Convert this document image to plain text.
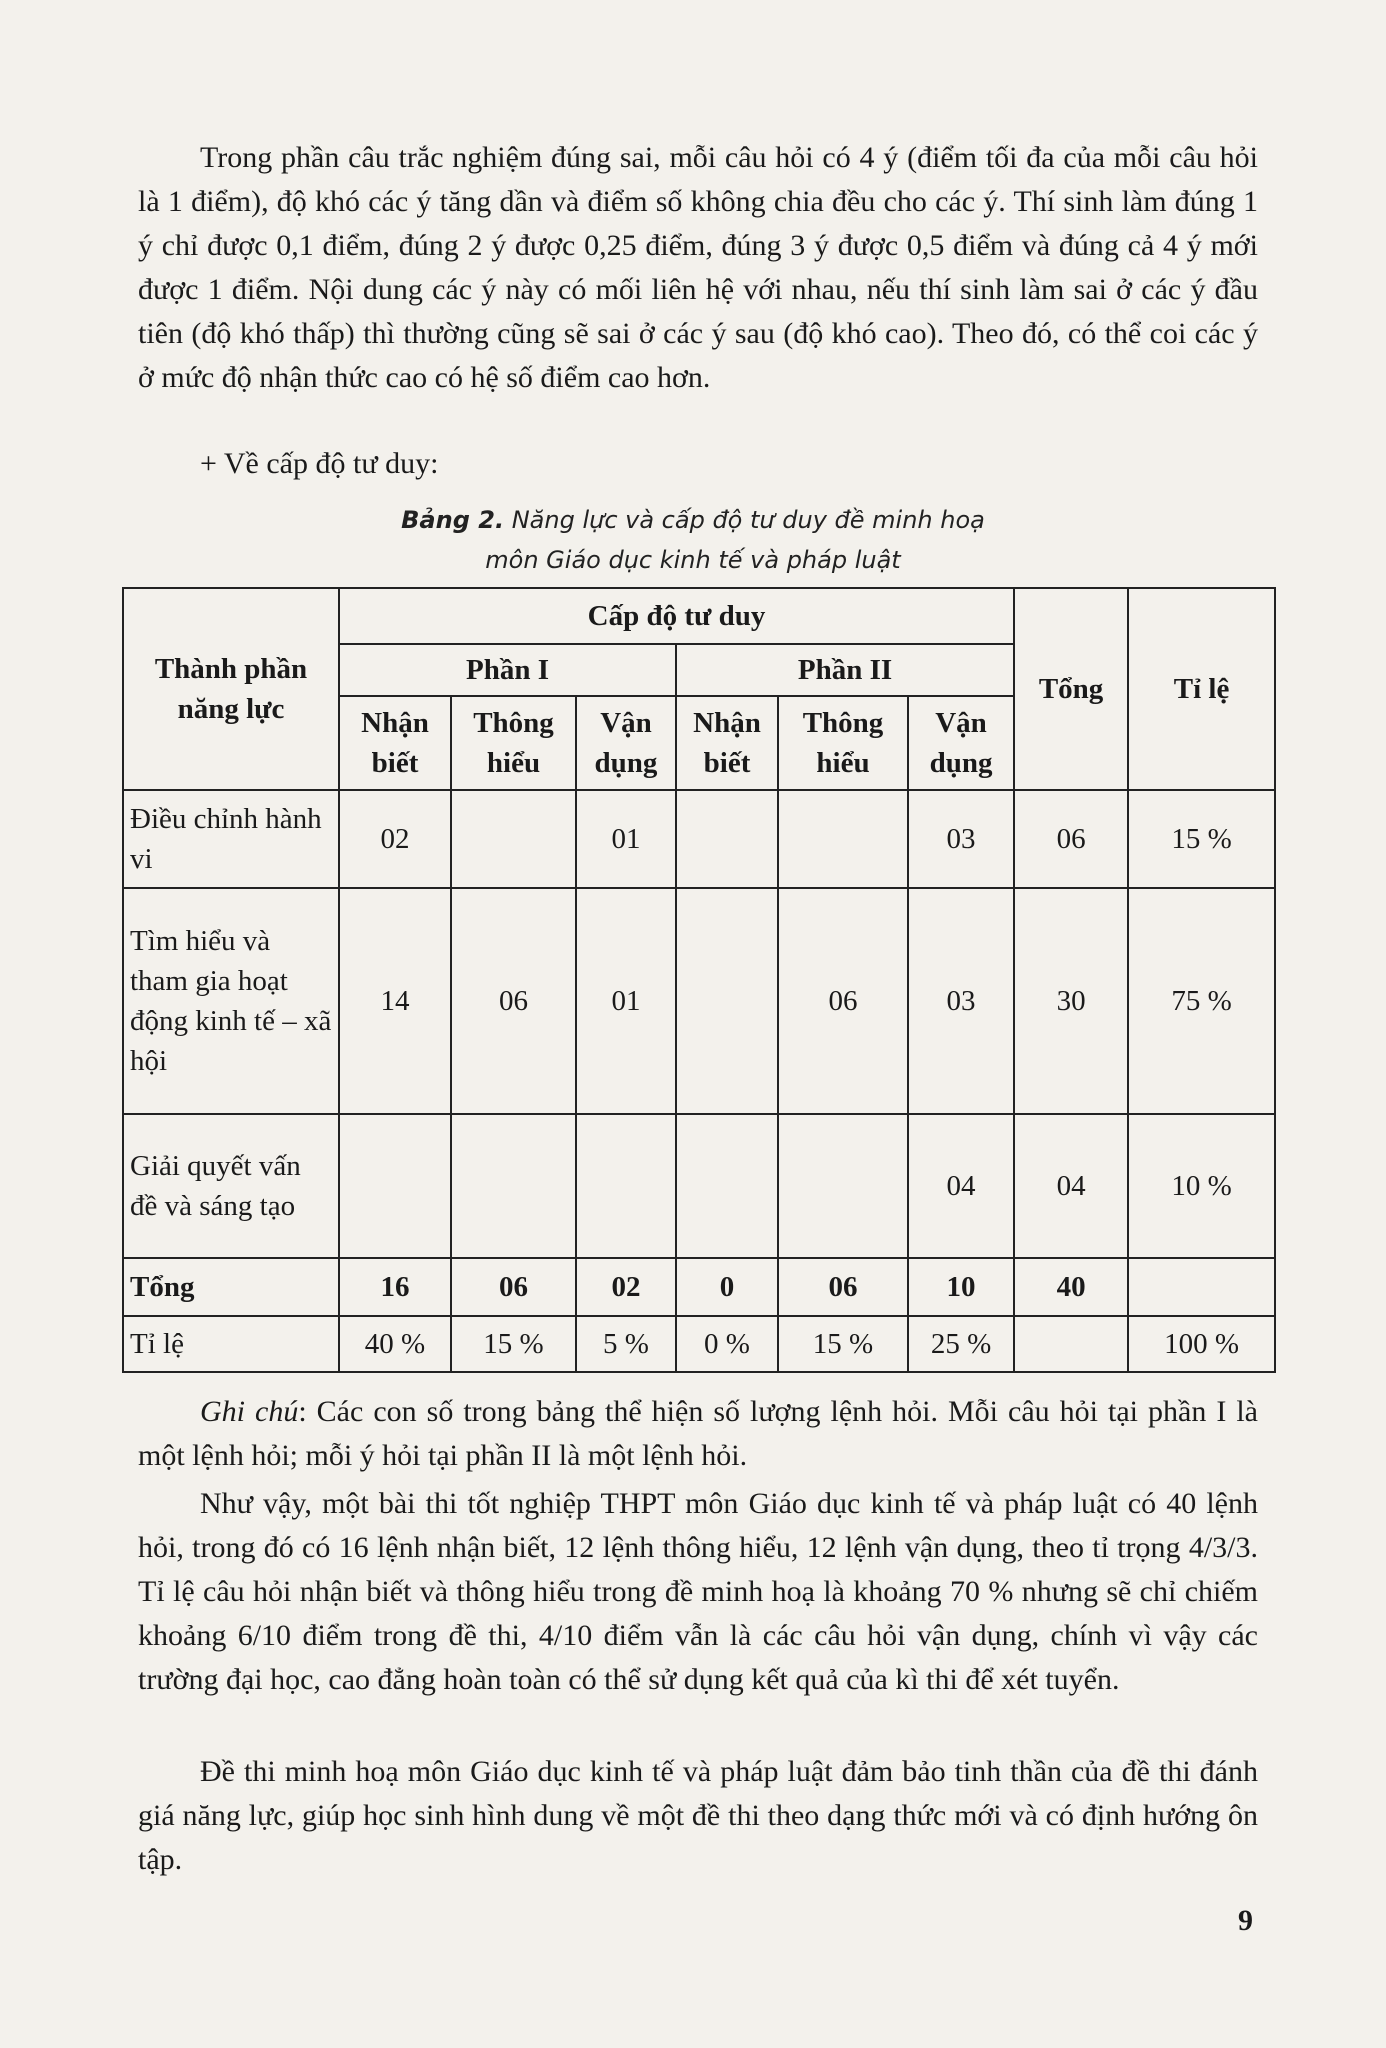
Trong phần câu trắc nghiệm đúng sai, mỗi câu hỏi có 4 ý (điểm tối đa của mỗi câu hỏi là 1 điểm), độ khó các ý tăng dần và điểm số không chia đều cho các ý. Thí sinh làm đúng 1 ý chỉ được 0,1 điểm, đúng 2 ý được 0,25 điểm, đúng 3 ý được 0,5 điểm và đúng cả 4 ý mới được 1 điểm. Nội dung các ý này có mối liên hệ với nhau, nếu thí sinh làm sai ở các ý đầu tiên (độ khó thấp) thì thường cũng sẽ sai ở các ý sau (độ khó cao). Theo đó, có thể coi các ý ở mức độ nhận thức cao có hệ số điểm cao hơn.

+ Về cấp độ tư duy:
Bảng 2. Năng lực và cấp độ tư duy đề minh hoạ
môn Giáo dục kinh tế và pháp luật
Thành phần năng lực	Cấp độ tư duy						Tổng	Tỉ lệ
	Phần I			Phần II				
	Nhận biết	Thông hiểu	Vận dụng	Nhận biết	Thông hiểu	Vận dụng		
Điều chỉnh hành vi	02		01			03	06	15 %
Tìm hiểu và tham gia hoạt động kinh tế – xã hội	14	06	01		06	03	30	75 %
Giải quyết vấn đề và sáng tạo						04	04	10 %
Tổng	16	06	02	0	06	10	40	
Tỉ lệ	40 %	15 %	5 %	0 %	15 %	25 %		100 %

Ghi chú: Các con số trong bảng thể hiện số lượng lệnh hỏi. Mỗi câu hỏi tại phần I là một lệnh hỏi; mỗi ý hỏi tại phần II là một lệnh hỏi.

Như vậy, một bài thi tốt nghiệp THPT môn Giáo dục kinh tế và pháp luật có 40 lệnh hỏi, trong đó có 16 lệnh nhận biết, 12 lệnh thông hiểu, 12 lệnh vận dụng, theo tỉ trọng 4/3/3. Tỉ lệ câu hỏi nhận biết và thông hiểu trong đề minh hoạ là khoảng 70 % nhưng sẽ chỉ chiếm khoảng 6/10 điểm trong đề thi, 4/10 điểm vẫn là các câu hỏi vận dụng, chính vì vậy các trường đại học, cao đẳng hoàn toàn có thể sử dụng kết quả của kì thi để xét tuyển.

Đề thi minh hoạ môn Giáo dục kinh tế và pháp luật đảm bảo tinh thần của đề thi đánh giá năng lực, giúp học sinh hình dung về một đề thi theo dạng thức mới và có định hướng ôn tập.

9
